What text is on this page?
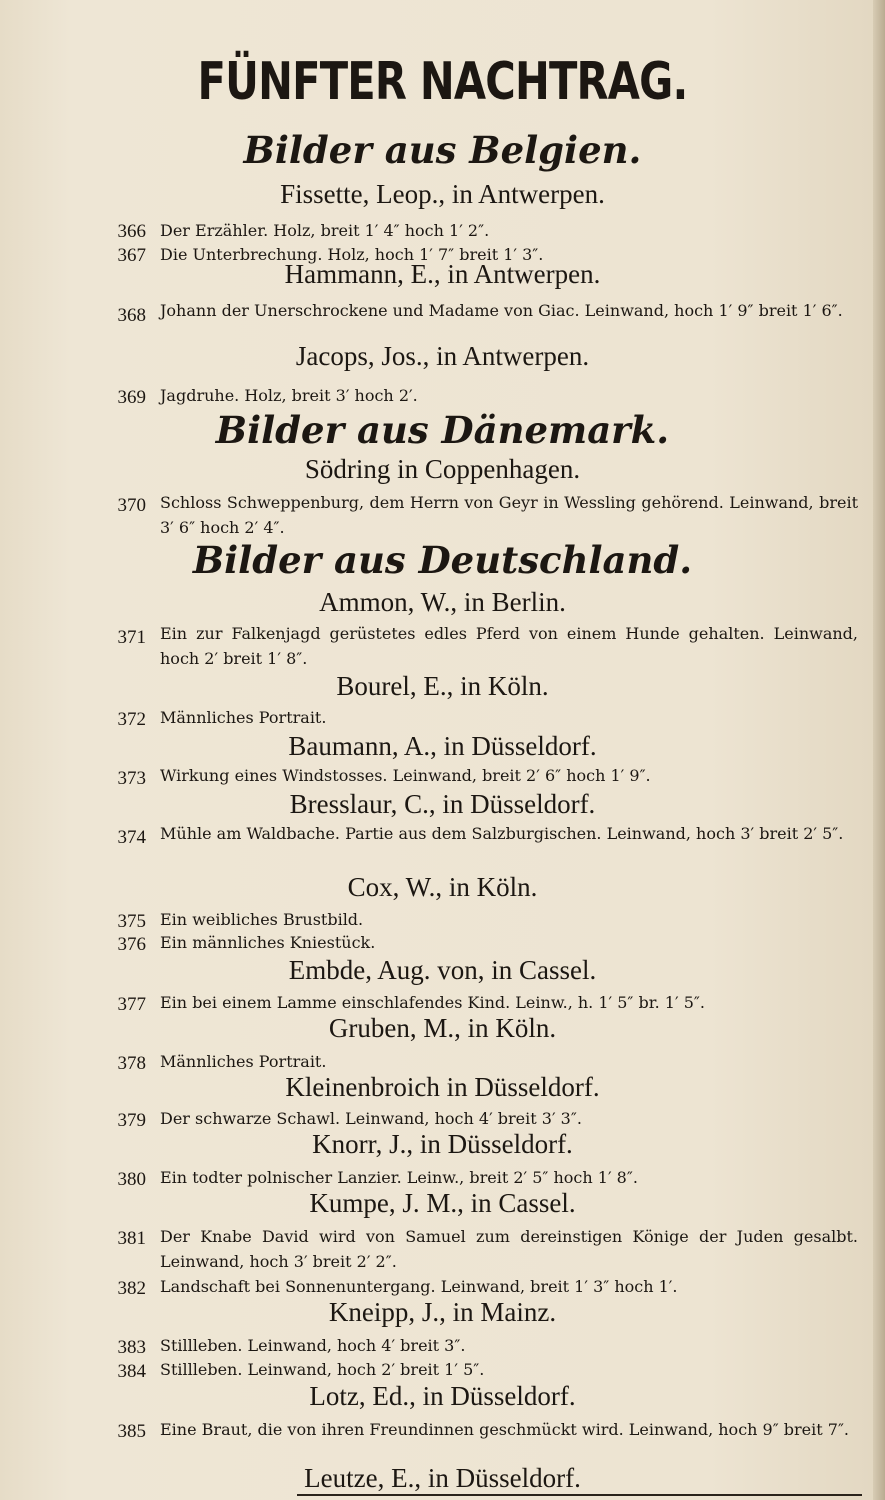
FÜNFTER NACHTRAG.
Bilder aus Belgien.
Fissette, Leop., in Antwerpen.
366 Der Erzähler. Holz, breit 1′ 4″ hoch 1′ 2″.
367 Die Unterbrechung. Holz, hoch 1′ 7″ breit 1′ 3″.
Hammann, E., in Antwerpen.
368 Johann der Unerschrockene und Madame von Giac. Leinwand, hoch 1′ 9″ breit 1′ 6″.
Jacops, Jos., in Antwerpen.
369 Jagdruhe. Holz, breit 3′ hoch 2′.
Bilder aus Dänemark.
Södring in Coppenhagen.
370 Schloss Schweppenburg, dem Herrn von Geyr in Wessling gehörend. Leinwand, breit 3′ 6″ hoch 2′ 4″.
Bilder aus Deutschland.
Ammon, W., in Berlin.
371 Ein zur Falkenjagd gerüstetes edles Pferd von einem Hunde gehalten. Leinwand, hoch 2′ breit 1′ 8″.
Bourel, E., in Köln.
372 Männliches Portrait.
Baumann, A., in Düsseldorf.
373 Wirkung eines Windstosses. Leinwand, breit 2′ 6″ hoch 1′ 9″.
Bresslaur, C., in Düsseldorf.
374 Mühle am Waldbache. Partie aus dem Salzburgischen. Leinwand, hoch 3′ breit 2′ 5″.
Cox, W., in Köln.
375 Ein weibliches Brustbild.
376 Ein männliches Kniestück.
Embde, Aug. von, in Cassel.
377 Ein bei einem Lamme einschlafendes Kind. Leinw., h. 1′ 5″ br. 1′ 5″.
Gruben, M., in Köln.
378 Männliches Portrait.
Kleinenbroich in Düsseldorf.
379 Der schwarze Schawl. Leinwand, hoch 4′ breit 3′ 3″.
Knorr, J., in Düsseldorf.
380 Ein todter polnischer Lanzier. Leinw., breit 2′ 5″ hoch 1′ 8″.
Kumpe, J. M., in Cassel.
381 Der Knabe David wird von Samuel zum dereinstigen Könige der Juden gesalbt. Leinwand, hoch 3′ breit 2′ 2″.
382 Landschaft bei Sonnenuntergang. Leinwand, breit 1′ 3″ hoch 1′.
Kneipp, J., in Mainz.
383 Stillleben. Leinwand, hoch 4′ breit 3″.
384 Stillleben. Leinwand, hoch 2′ breit 1′ 5″.
Lotz, Ed., in Düsseldorf.
385 Eine Braut, die von ihren Freundinnen geschmückt wird. Leinwand, hoch 9″ breit 7″.
Leutze, E., in Düsseldorf.
